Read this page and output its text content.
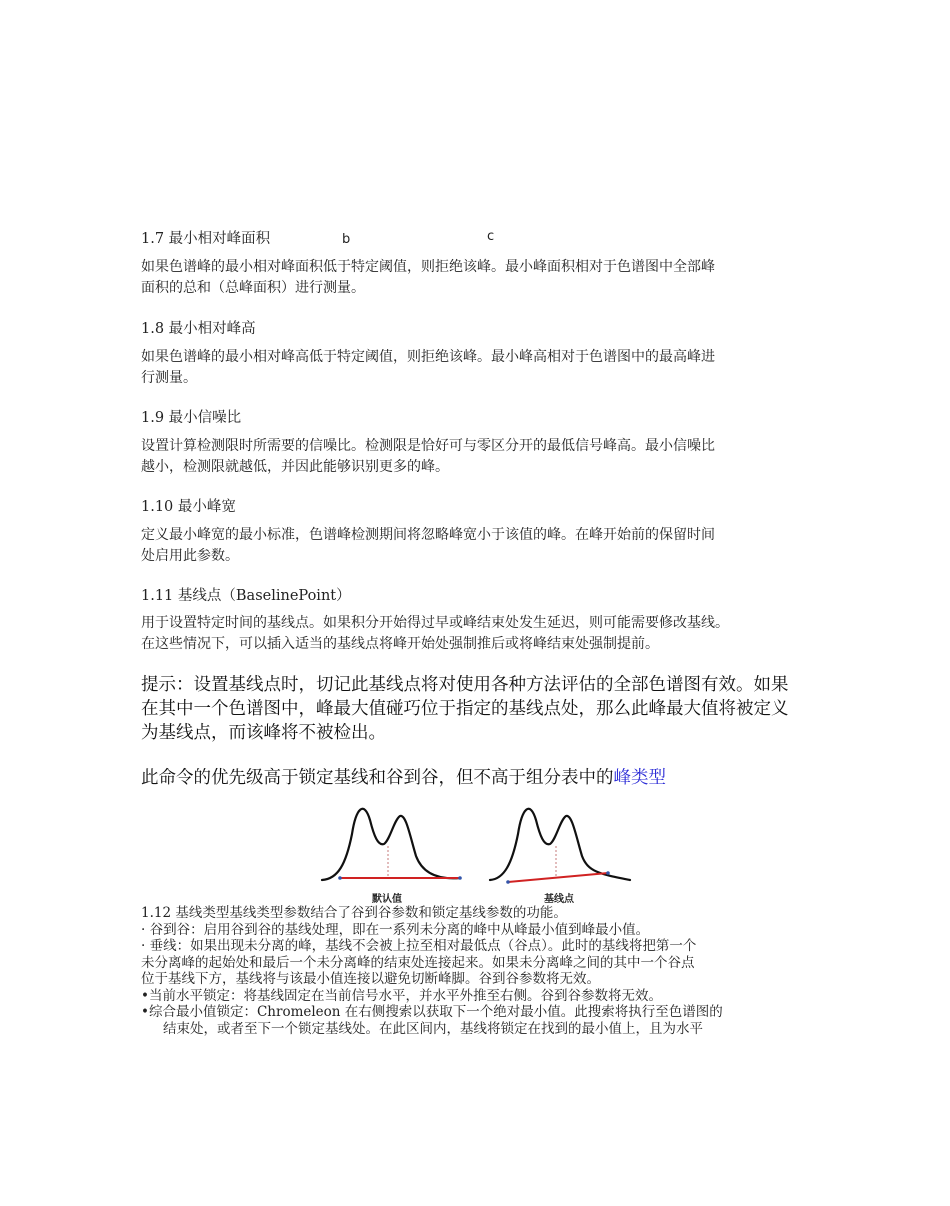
1.7 最小相对峰面积	b	c
如果色谱峰的最小相对峰面积低于特定阈值，则拒绝该峰。最小峰面积相对于色谱图中全部峰
面积的总和（总峰面积）进行测量。
1.8 最小相对峰高
如果色谱峰的最小相对峰高低于特定阈值，则拒绝该峰。最小峰高相对于色谱图中的最高峰进
行测量。
1.9 最小信噪比
设置计算检测限时所需要的信噪比。检测限是恰好可与零区分开的最低信号峰高。最小信噪比
越小，检测限就越低，并因此能够识别更多的峰。
1.10 最小峰宽
定义最小峰宽的最小标准，色谱峰检测期间将忽略峰宽小于该值的峰。在峰开始前的保留时间
处启用此参数。
1.11 基线点（BaselinePoint）
用于设置特定时间的基线点。如果积分开始得过早或峰结束处发生延迟，则可能需要修改基线。
在这些情况下，可以插入适当的基线点将峰开始处强制推后或将峰结束处强制提前。
提示：设置基线点时，切记此基线点将对使用各种方法评估的全部色谱图有效。如果
在其中一个色谱图中，峰最大值碰巧位于指定的基线点处，那么此峰最大值将被定义
为基线点，而该峰将不被检出。
此命令的优先级高于锁定基线和谷到谷，但不高于组分表中的峰类型
默认值	基线点
1.12 基线类型基线类型参数结合了谷到谷参数和锁定基线参数的功能。
· 谷到谷：启用谷到谷的基线处理，即在一系列未分离的峰中从峰最小值到峰最小值。
· 垂线：如果出现未分离的峰，基线不会被上拉至相对最低点（谷点）。此时的基线将把第一个
未分离峰的起始处和最后一个未分离峰的结束处连接起来。如果未分离峰之间的其中一个谷点
位于基线下方，基线将与该最小值连接以避免切断峰脚。谷到谷参数将无效。
•当前水平锁定：将基线固定在当前信号水平，并水平外推至右侧。谷到谷参数将无效。
•综合最小值锁定：Chromeleon 在右侧搜索以获取下一个绝对最小值。此搜索将执行至色谱图的
结束处，或者至下一个锁定基线处。在此区间内，基线将锁定在找到的最小值上，且为水平
